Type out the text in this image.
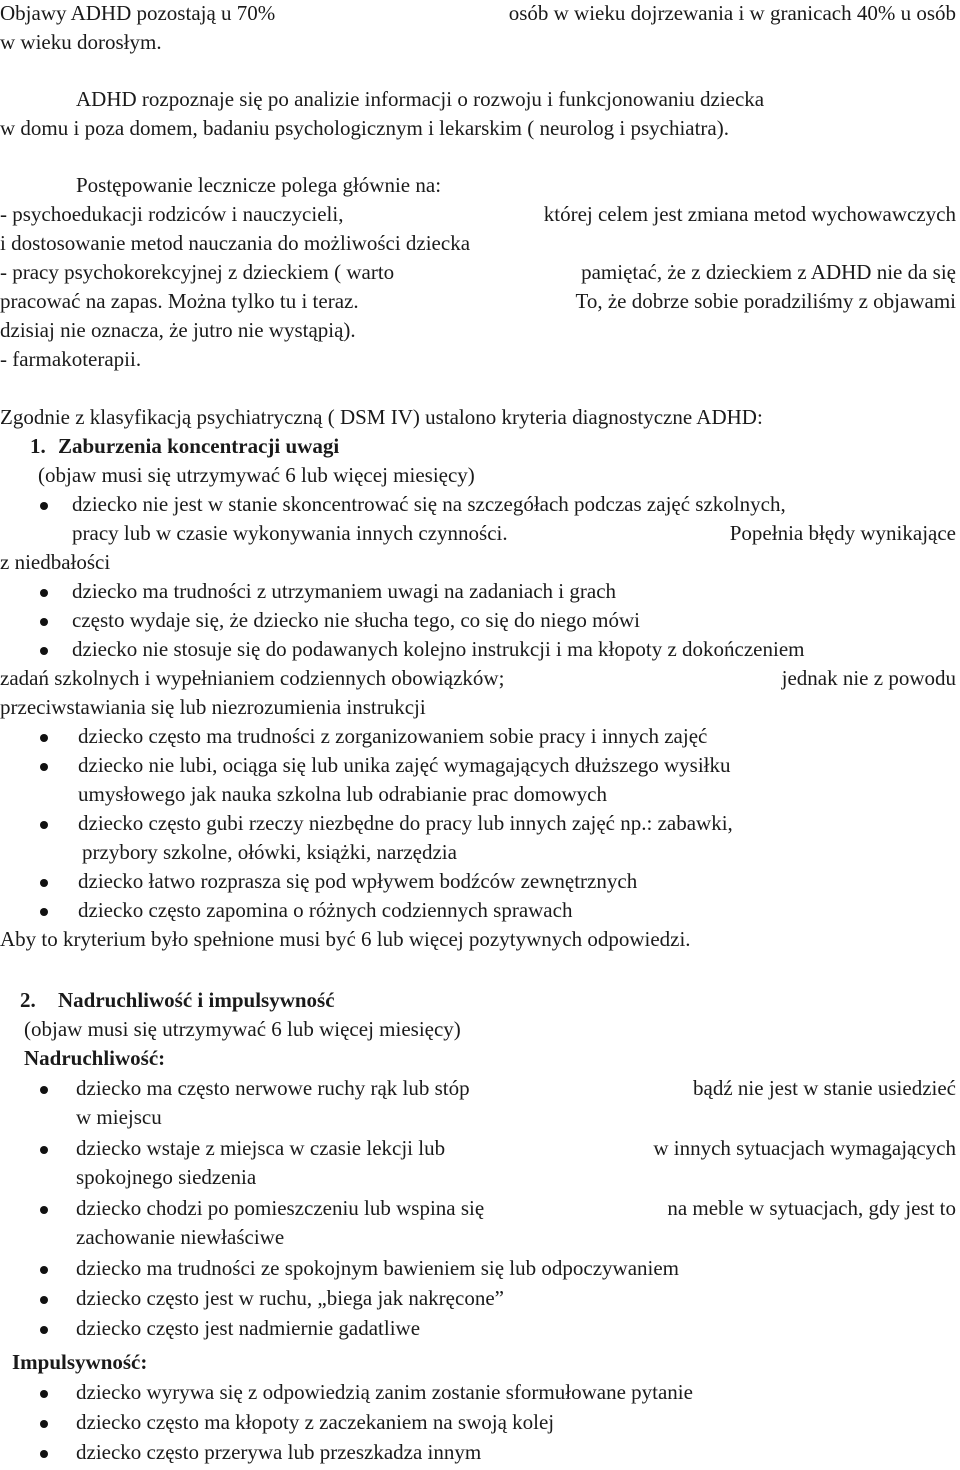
Objawy ADHD pozostają u 70%	osób w wieku dojrzewania i w granicach 40% u osób
w wieku dorosłym.
ADHD rozpoznaje się po analizie informacji o rozwoju i funkcjonowaniu dziecka
w domu i poza domem, badaniu psychologicznym i lekarskim ( neurolog i psychiatra).
Postępowanie lecznicze polega głównie na:
- psychoedukacji rodziców i nauczycieli,	której celem jest zmiana metod wychowawczych
i dostosowanie metod nauczania do możliwości dziecka
- pracy psychokorekcyjnej z dzieckiem ( warto	pamiętać, że z dzieckiem z ADHD nie da się
pracować na zapas. Można tylko tu i teraz.	To, że dobrze sobie poradziliśmy z objawami
dzisiaj nie oznacza, że jutro nie wystąpią).
- farmakoterapii.
Zgodnie z klasyfikacją psychiatryczną ( DSM IV) ustalono kryteria diagnostyczne ADHD:
1. Zaburzenia koncentracji uwagi
(objaw musi się utrzymywać 6 lub więcej miesięcy)
dziecko nie jest w stanie skoncentrować się na szczegółach podczas zajęć szkolnych,
pracy lub w czasie wykonywania innych czynności.	Popełnia błędy wynikające
z niedbałości
dziecko ma trudności z utrzymaniem uwagi na zadaniach i grach
często wydaje się, że dziecko nie słucha tego, co się do niego mówi
dziecko nie stosuje się do podawanych kolejno instrukcji i ma kłopoty z dokończeniem
zadań szkolnych i wypełnianiem codziennych obowiązków;	jednak nie z powodu
przeciwstawiania się lub niezrozumienia instrukcji
dziecko często ma trudności z zorganizowaniem sobie pracy i innych zajęć
dziecko nie lubi, ociąga się lub unika zajęć wymagających dłuższego wysiłku
umysłowego jak nauka szkolna lub odrabianie prac domowych
dziecko często gubi rzeczy niezbędne do pracy lub innych zajęć np.: zabawki,
przybory szkolne, ołówki, książki, narzędzia
dziecko łatwo rozprasza się pod wpływem bodźców zewnętrznych
dziecko często zapomina o różnych codziennych sprawach
Aby to kryterium było spełnione musi być 6 lub więcej pozytywnych odpowiedzi.
2. Nadruchliwość i impulsywność
(objaw musi się utrzymywać 6 lub więcej miesięcy)
Nadruchliwość:
dziecko ma często nerwowe ruchy rąk lub stóp	bądź nie jest w stanie usiedzieć
w miejscu
dziecko wstaje z miejsca w czasie lekcji lub	w innych sytuacjach wymagających
spokojnego siedzenia
dziecko chodzi po pomieszczeniu lub wspina się	na meble w sytuacjach, gdy jest to
zachowanie niewłaściwe
dziecko ma trudności ze spokojnym bawieniem się lub odpoczywaniem
dziecko często jest w ruchu, „biega jak nakręcone”
dziecko często jest nadmiernie gadatliwe
Impulsywność:
dziecko wyrywa się z odpowiedzią zanim zostanie sformułowane pytanie
dziecko często ma kłopoty z zaczekaniem na swoją kolej
dziecko często przerywa lub przeszkadza innym
